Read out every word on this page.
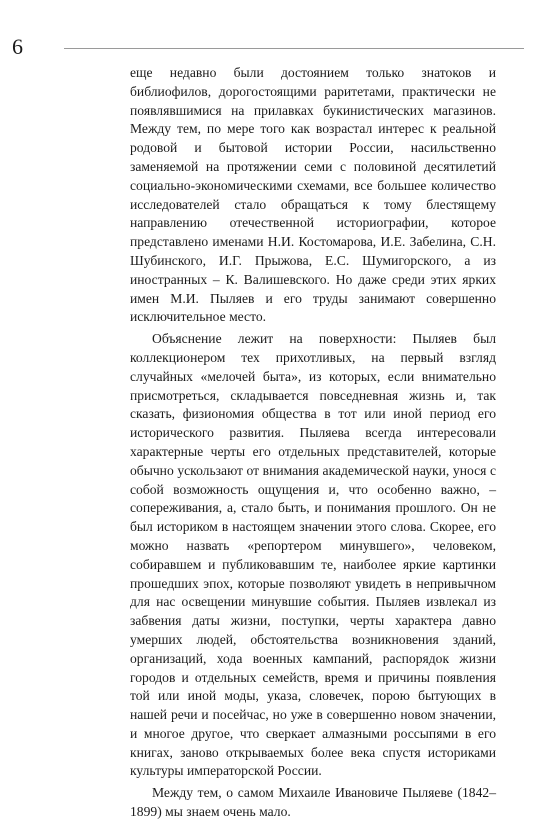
6

еще недавно были достоянием только знатоков и библиофилов, дорогостоящими раритетами, практически не появлявшимися на прилавках букинистических магазинов. Между тем, по мере того как возрастал интерес к реальной родовой и бытовой истории России, насильственно заменяемой на протяжении семи с половиной десятилетий социально-экономическими схемами, все большее количество исследователей стало обращаться к тому блестящему направлению отечественной историографии, которое представлено именами Н.И. Костомарова, И.Е. Забелина, С.Н. Шубинского, И.Г. Прыжова, Е.С. Шумигорского, а из иностранных – К. Валишевского. Но даже среди этих ярких имен М.И. Пыляев и его труды занимают совершенно исключительное место.

Объяснение лежит на поверхности: Пыляев был коллекционером тех прихотливых, на первый взгляд случайных «мелочей быта», из которых, если внимательно присмотреться, складывается повседневная жизнь и, так сказать, физиономия общества в тот или иной период его исторического развития. Пыляева всегда интересовали характерные черты его отдельных представителей, которые обычно ускользают от внимания академической науки, унося с собой возможность ощущения и, что особенно важно, – сопереживания, а, стало быть, и понимания прошлого. Он не был историком в настоящем значении этого слова. Скорее, его можно назвать «репортером минувшего», человеком, собиравшем и публиковавшим те, наиболее яркие картинки прошедших эпох, которые позволяют увидеть в непривычном для нас освещении минувшие события. Пыляев извлекал из забвения даты жизни, поступки, черты характера давно умерших людей, обстоятельства возникновения зданий, организаций, хода военных кампаний, распорядок жизни городов и отдельных семейств, время и причины появления той или иной моды, указа, словечек, порою бытующих в нашей речи и посейчас, но уже в совершенно новом значении, и многое другое, что сверкает алмазными россыпями в его книгах, заново открываемых более века спустя историками культуры императорской России.

Между тем, о самом Михаиле Ивановиче Пыляеве (1842–1899) мы знаем очень мало.
